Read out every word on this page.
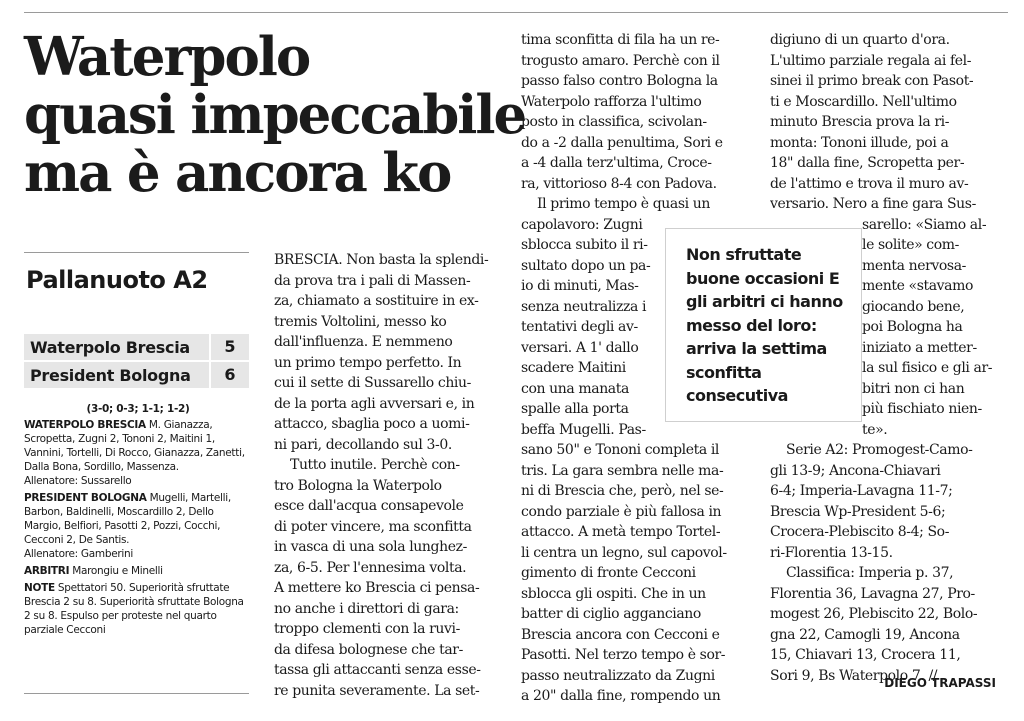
Waterpolo
quasi impeccabile
ma è ancora ko
Pallanuoto A2
Waterpolo Brescia	5
President Bologna	6

(3-0; 0-3; 1-1; 1-2)

WATERPOLO BRESCIA M. Gianazza, Scropetta, Zugni 2, Tononi 2, Maitini 1, Vannini, Tortelli, Di Rocco, Gianazza, Zanetti, Dalla Bona, Sordillo, Massenza.
Allenatore: Sussarello

PRESIDENT BOLOGNA Mugelli, Martelli, Barbon, Baldinelli, Moscardillo 2, Dello Margio, Belfiori, Pasotti 2, Pozzi, Cocchi, Cecconi 2, De Santis.
Allenatore: Gamberini

ARBITRI Marongiu e Minelli

NOTE Spettatori 50. Superiorità sfruttate Brescia 2 su 8. Superiorità sfruttate Bologna 2 su 8. Espulso per proteste nel quarto parziale Cecconi

BRESCIA. Non basta la splendi-
da prova tra i pali di Massen-
za, chiamato a sostituire in ex-
tremis Voltolini, messo ko
dall'influenza. E nemmeno
un primo tempo perfetto. In
cui il sette di Sussarello chiu-
de la porta agli avversari e, in
attacco, sbaglia poco a uomi-
ni pari, decollando sul 3-0.
Tutto inutile. Perchè con-
tro Bologna la Waterpolo
esce dall'acqua consapevole
di poter vincere, ma sconfitta
in vasca di una sola lunghez-
za, 6-5. Per l'ennesima volta.
A mettere ko Brescia ci pensa-
no anche i direttori di gara:
troppo clementi con la ruvi-
da difesa bolognese che tar-
tassa gli attaccanti senza esse-
re punita severamente. La set-
tima sconfitta di fila ha un re-
trogusto amaro. Perchè con il
passo falso contro Bologna la
Waterpolo rafforza l'ultimo
posto in classifica, scivolan-
do a -2 dalla penultima, Sori e
a -4 dalla terz'ultima, Croce-
ra, vittorioso 8-4 con Padova.
Il primo tempo è quasi un
capolavoro: Zugni
sblocca subito il ri-
sultato dopo un pa-
io di minuti, Mas-
senza neutralizza i
tentativi degli av-
versari. A 1' dallo
scadere Maitini
con una manata
spalle alla porta
beffa Mugelli. Pas-
sano 50" e Tononi completa il
tris. La gara sembra nelle ma-
ni di Brescia che, però, nel se-
condo parziale è più fallosa in
attacco. A metà tempo Tortel-
li centra un legno, sul capovol-
gimento di fronte Cecconi
sblocca gli ospiti. Che in un
batter di ciglio agganciano
Brescia ancora con Cecconi e
Pasotti. Nel terzo tempo è sor-
passo neutralizzato da Zugni
a 20" dalla fine, rompendo un
digiuno di un quarto d'ora.
L'ultimo parziale regala ai fel-
sinei il primo break con Pasot-
ti e Moscardillo. Nell'ultimo
minuto Brescia prova la ri-
monta: Tononi illude, poi a
18" dalla fine, Scropetta per-
de l'attimo e trova il muro av-
versario. Nero a fine gara Sus-
sarello: «Siamo al-
le solite» com-
menta nervosa-
mente «stavamo
giocando bene,
poi Bologna ha
iniziato a metter-
la sul fisico e gli ar-
bitri non ci han
più fischiato nien-
te».
Serie A2: Promogest-Camo-
gli 13-9; Ancona-Chiavari
6-4; Imperia-Lavagna 11-7;
Brescia Wp-President 5-6;
Crocera-Plebiscito 8-4; So-
ri-Florentia 13-15.
Classifica: Imperia p. 37,
Florentia 36, Lavagna 27, Pro-
mogest 26, Plebiscito 22, Bolo-
gna 22, Camogli 19, Ancona
15, Chiavari 13, Crocera 11,
Sori 9, Bs Waterpolo 7. //
Non sfruttate buone occasioni E gli arbitri ci hanno messo del loro: arriva la settima sconfitta consecutiva
DIEGO TRAPASSI
